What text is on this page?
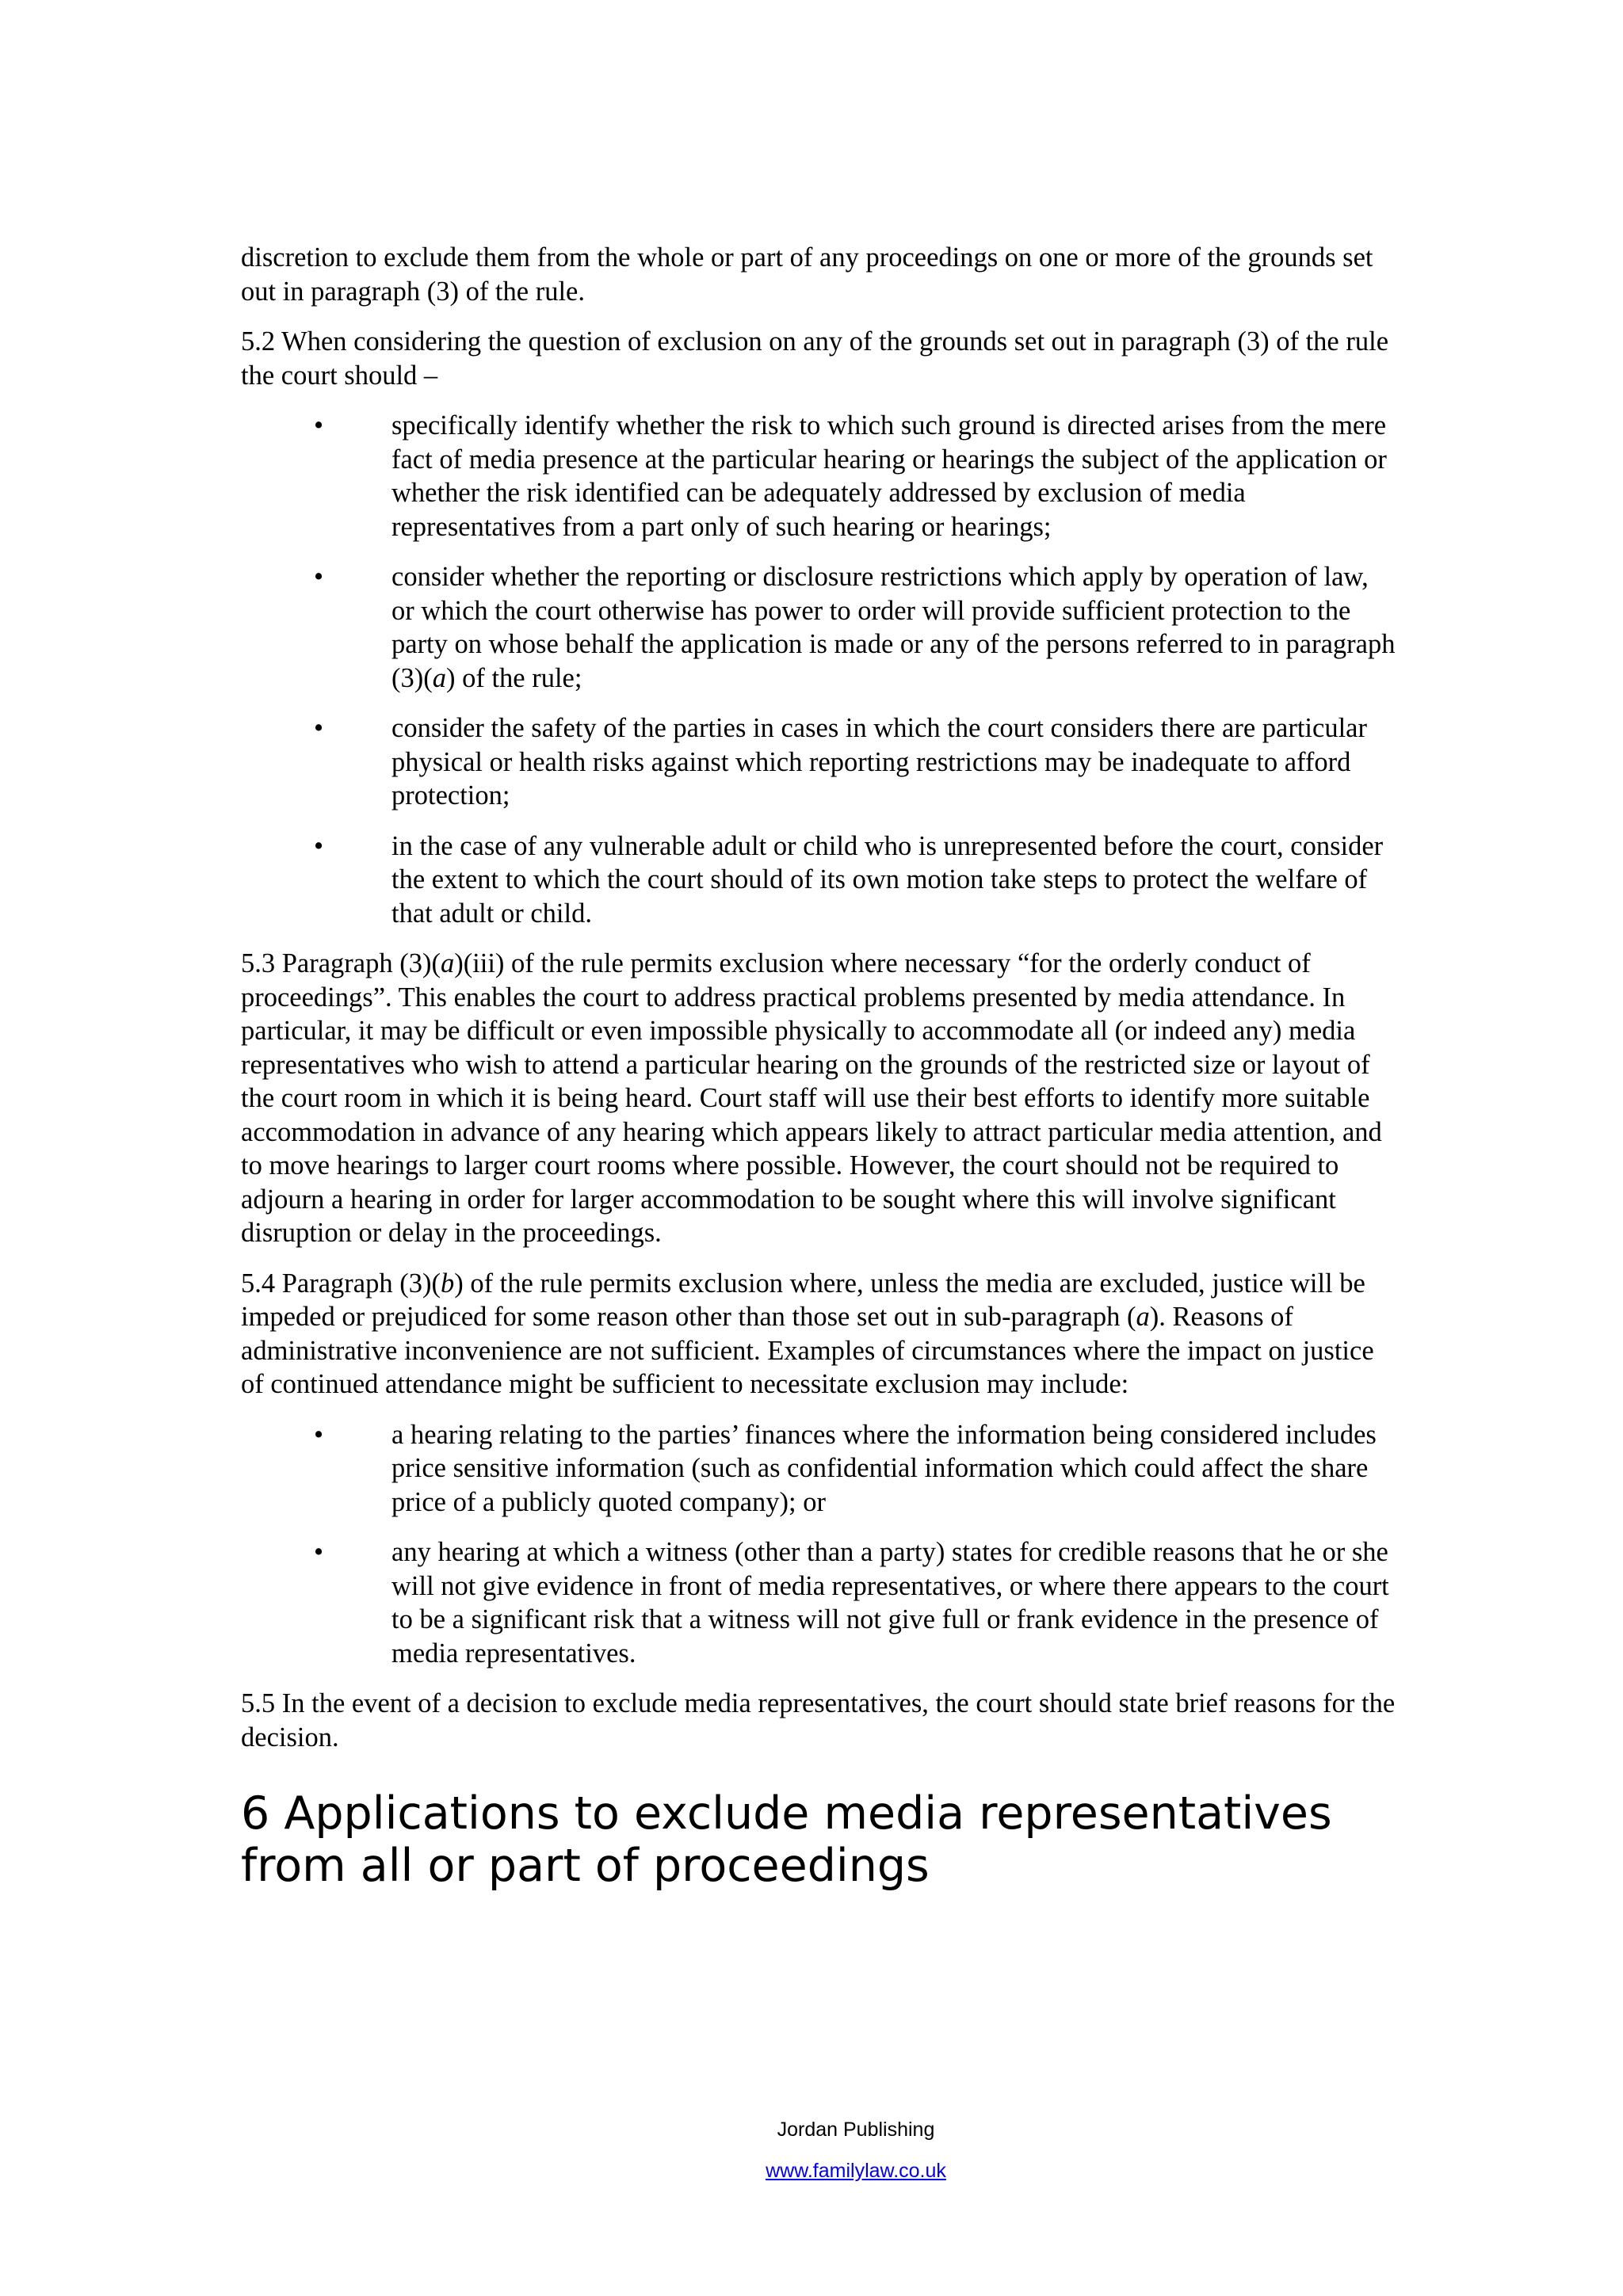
discretion to exclude them from the whole or part of any proceedings on one or more of the grounds set out in paragraph (3) of the rule.

5.2 When considering the question of exclusion on any of the grounds set out in paragraph (3) of the rule the court should –

• specifically identify whether the risk to which such ground is directed arises from the mere fact of media presence at the particular hearing or hearings the subject of the application or whether the risk identified can be adequately addressed by exclusion of media representatives from a part only of such hearing or hearings;
• consider whether the reporting or disclosure restrictions which apply by operation of law, or which the court otherwise has power to order will provide sufficient protection to the party on whose behalf the application is made or any of the persons referred to in paragraph (3)(a) of the rule;
• consider the safety of the parties in cases in which the court considers there are particular physical or health risks against which reporting restrictions may be inadequate to afford protection;
• in the case of any vulnerable adult or child who is unrepresented before the court, consider the extent to which the court should of its own motion take steps to protect the welfare of that adult or child.

5.3 Paragraph (3)(a)(iii) of the rule permits exclusion where necessary “for the orderly conduct of proceedings”. This enables the court to address practical problems presented by media attendance. In particular, it may be difficult or even impossible physically to accommodate all (or indeed any) media representatives who wish to attend a particular hearing on the grounds of the restricted size or layout of the court room in which it is being heard. Court staff will use their best efforts to identify more suitable accommodation in advance of any hearing which appears likely to attract particular media attention, and to move hearings to larger court rooms where possible. However, the court should not be required to adjourn a hearing in order for larger accommodation to be sought where this will involve significant disruption or delay in the proceedings.

5.4 Paragraph (3)(b) of the rule permits exclusion where, unless the media are excluded, justice will be impeded or prejudiced for some reason other than those set out in sub-paragraph (a). Reasons of administrative inconvenience are not sufficient. Examples of circumstances where the impact on justice of continued attendance might be sufficient to necessitate exclusion may include:

• a hearing relating to the parties’ finances where the information being considered includes price sensitive information (such as confidential information which could affect the share price of a publicly quoted company); or
• any hearing at which a witness (other than a party) states for credible reasons that he or she will not give evidence in front of media representatives, or where there appears to the court to be a significant risk that a witness will not give full or frank evidence in the presence of media representatives.

5.5 In the event of a decision to exclude media representatives, the court should state brief reasons for the decision.

6 Applications to exclude media representatives from all or part of proceedings
Jordan Publishing
www.familylaw.co.uk
